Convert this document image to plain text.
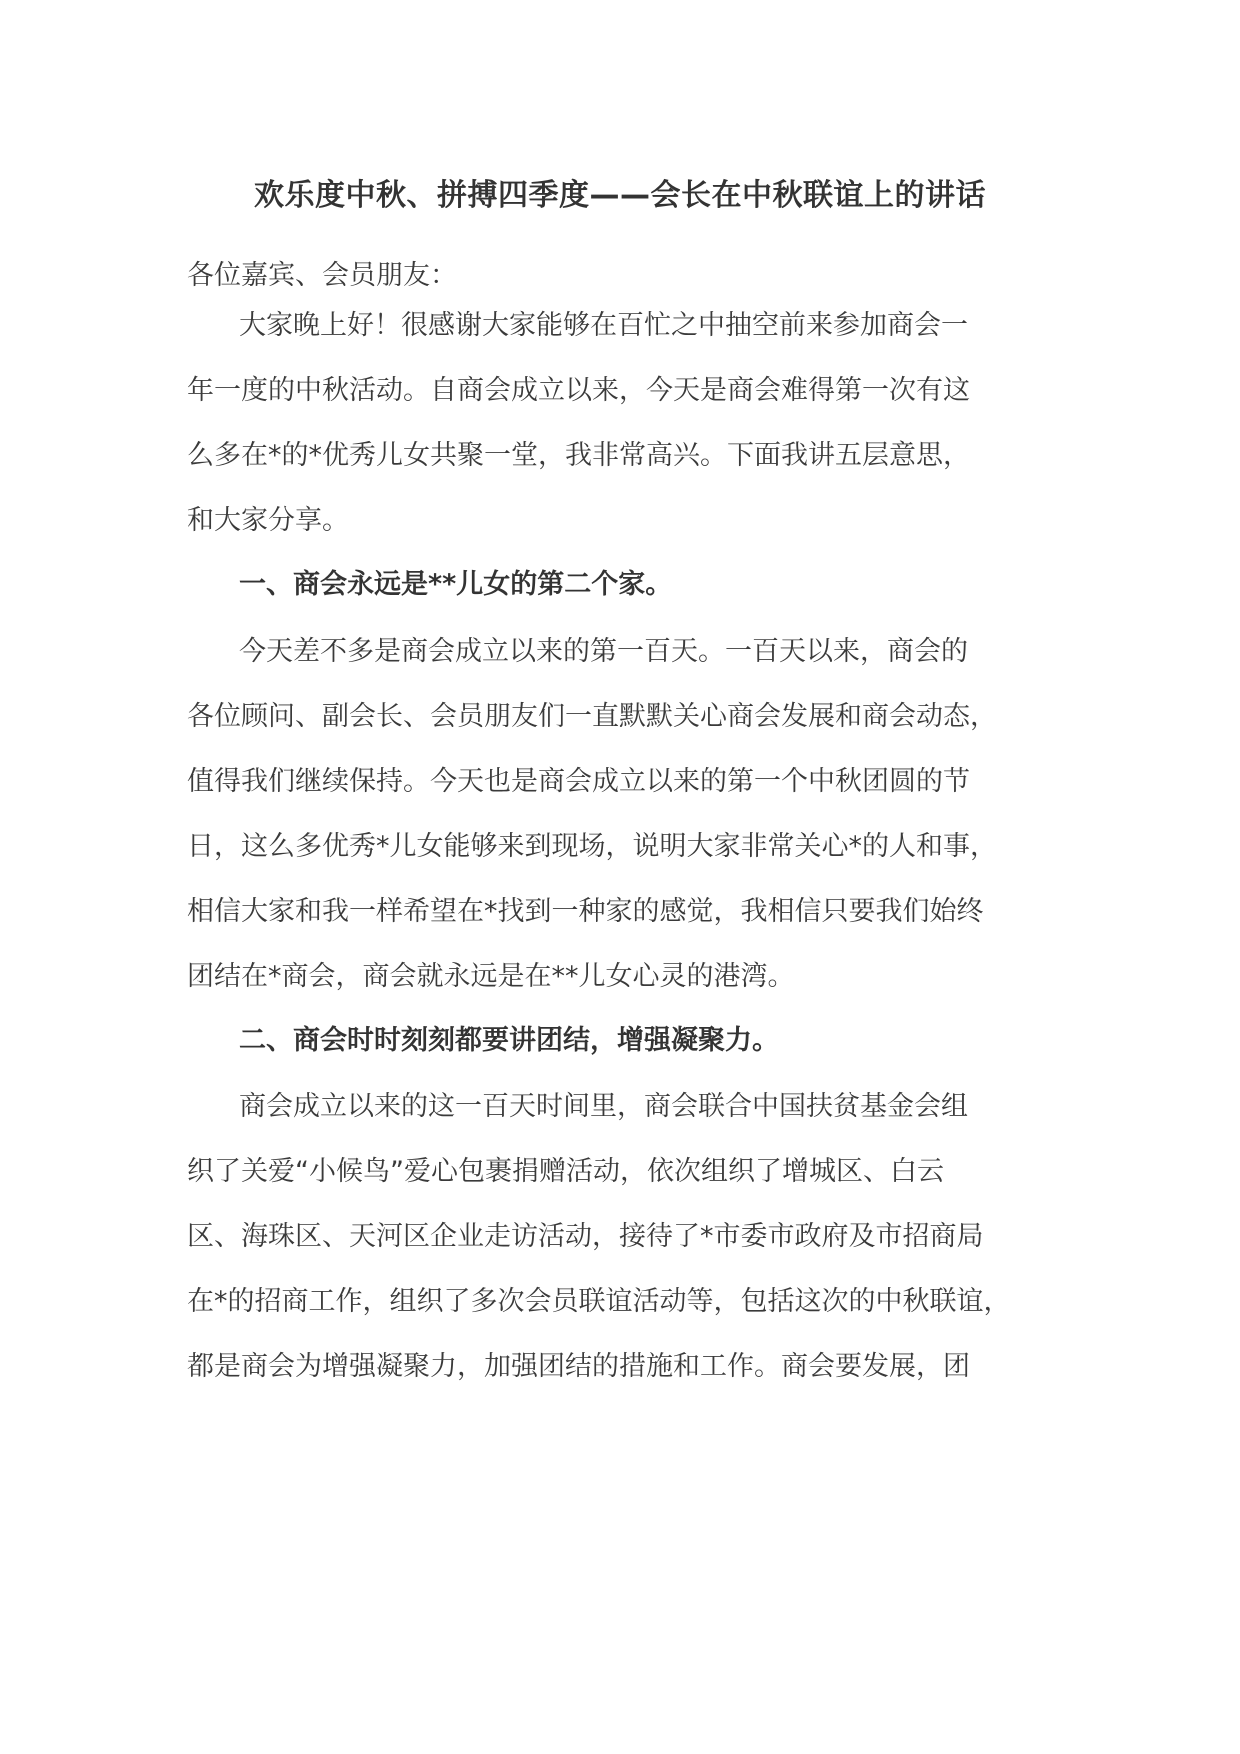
欢乐度中秋、拼搏四季度——会长在中秋联谊上的讲话
各位嘉宾、会员朋友：
大家晚上好！很感谢大家能够在百忙之中抽空前来参加商会一
年一度的中秋活动。自商会成立以来，今天是商会难得第一次有这
么多在*的*优秀儿女共聚一堂，我非常高兴。下面我讲五层意思，
和大家分享。
一、商会永远是**儿女的第二个家。
今天差不多是商会成立以来的第一百天。一百天以来，商会的
各位顾问、副会长、会员朋友们一直默默关心商会发展和商会动态，
值得我们继续保持。今天也是商会成立以来的第一个中秋团圆的节
日，这么多优秀*儿女能够来到现场，说明大家非常关心*的人和事，
相信大家和我一样希望在*找到一种家的感觉，我相信只要我们始终
团结在*商会，商会就永远是在**儿女心灵的港湾。
二、商会时时刻刻都要讲团结，增强凝聚力。
商会成立以来的这一百天时间里，商会联合中国扶贫基金会组
织了关爱“小候鸟”爱心包裹捐赠活动，依次组织了增城区、白云
区、海珠区、天河区企业走访活动，接待了*市委市政府及市招商局
在*的招商工作，组织了多次会员联谊活动等，包括这次的中秋联谊，
都是商会为增强凝聚力，加强团结的措施和工作。商会要发展，团
